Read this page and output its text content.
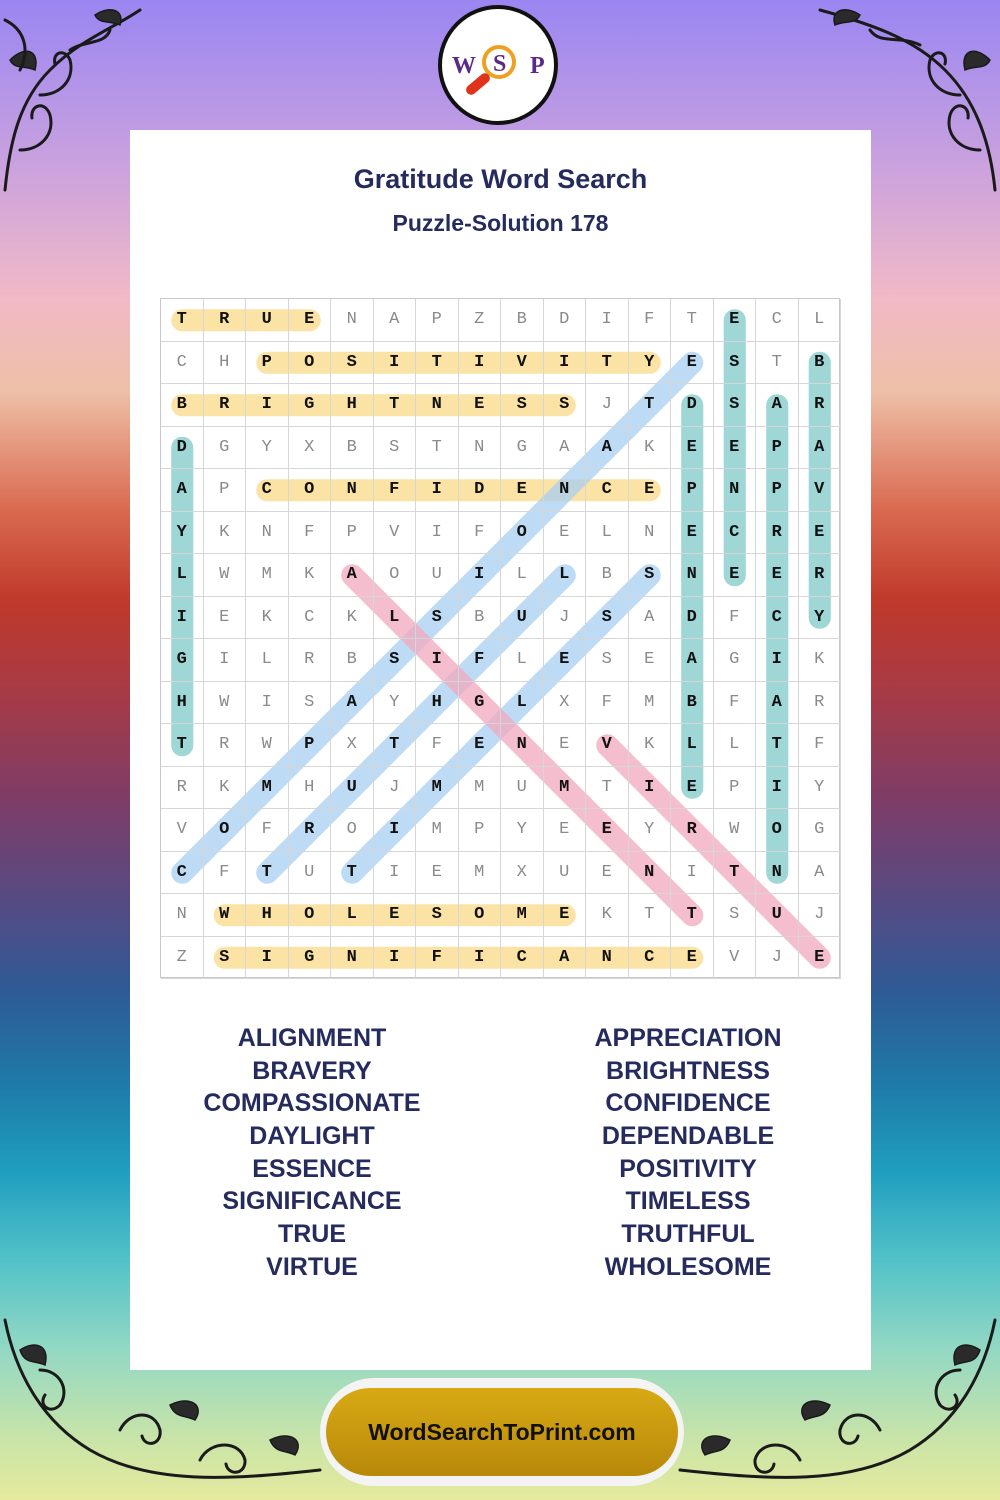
W S P
Gratitude Word Search
Puzzle-Solution 178
T	R	U	E	N	A	P	Z	B	D	I	F	T	E	C	L
C	H	P	O	S	I	T	I	V	I	T	Y	E	S	T	B
B	R	I	G	H	T	N	E	S	S	J	T	D	S	A	R
D	G	Y	X	B	S	T	N	G	A	A	K	E	E	P	A
A	P	C	O	N	F	I	D	E	N	C	E	P	N	P	V
Y	K	N	F	P	V	I	F	O	E	L	N	E	C	R	E
L	W	M	K	A	O	U	I	L	L	B	S	N	E	E	R
I	E	K	C	K	L	S	B	U	J	S	A	D	F	C	Y
G	I	L	R	B	S	I	F	L	E	S	E	A	G	I	K
H	W	I	S	A	Y	H	G	L	X	F	M	B	F	A	R
T	R	W	P	X	T	F	E	N	E	V	K	L	L	T	F
R	K	M	H	U	J	M	M	U	M	T	I	E	P	I	Y
V	O	F	R	O	I	M	P	Y	E	E	Y	R	W	O	G
C	F	T	U	T	I	E	M	X	U	E	N	I	T	N	A
N	W	H	O	L	E	S	O	M	E	K	T	T	S	U	J
Z	S	I	G	N	I	F	I	C	A	N	C	E	V	J	E
ALIGNMENT
BRAVERY
COMPASSIONATE
DAYLIGHT
ESSENCE
SIGNIFICANCE
TRUE
VIRTUE
APPRECIATION
BRIGHTNESS
CONFIDENCE
DEPENDABLE
POSITIVITY
TIMELESS
TRUTHFUL
WHOLESOME
WordSearchToPrint.com
